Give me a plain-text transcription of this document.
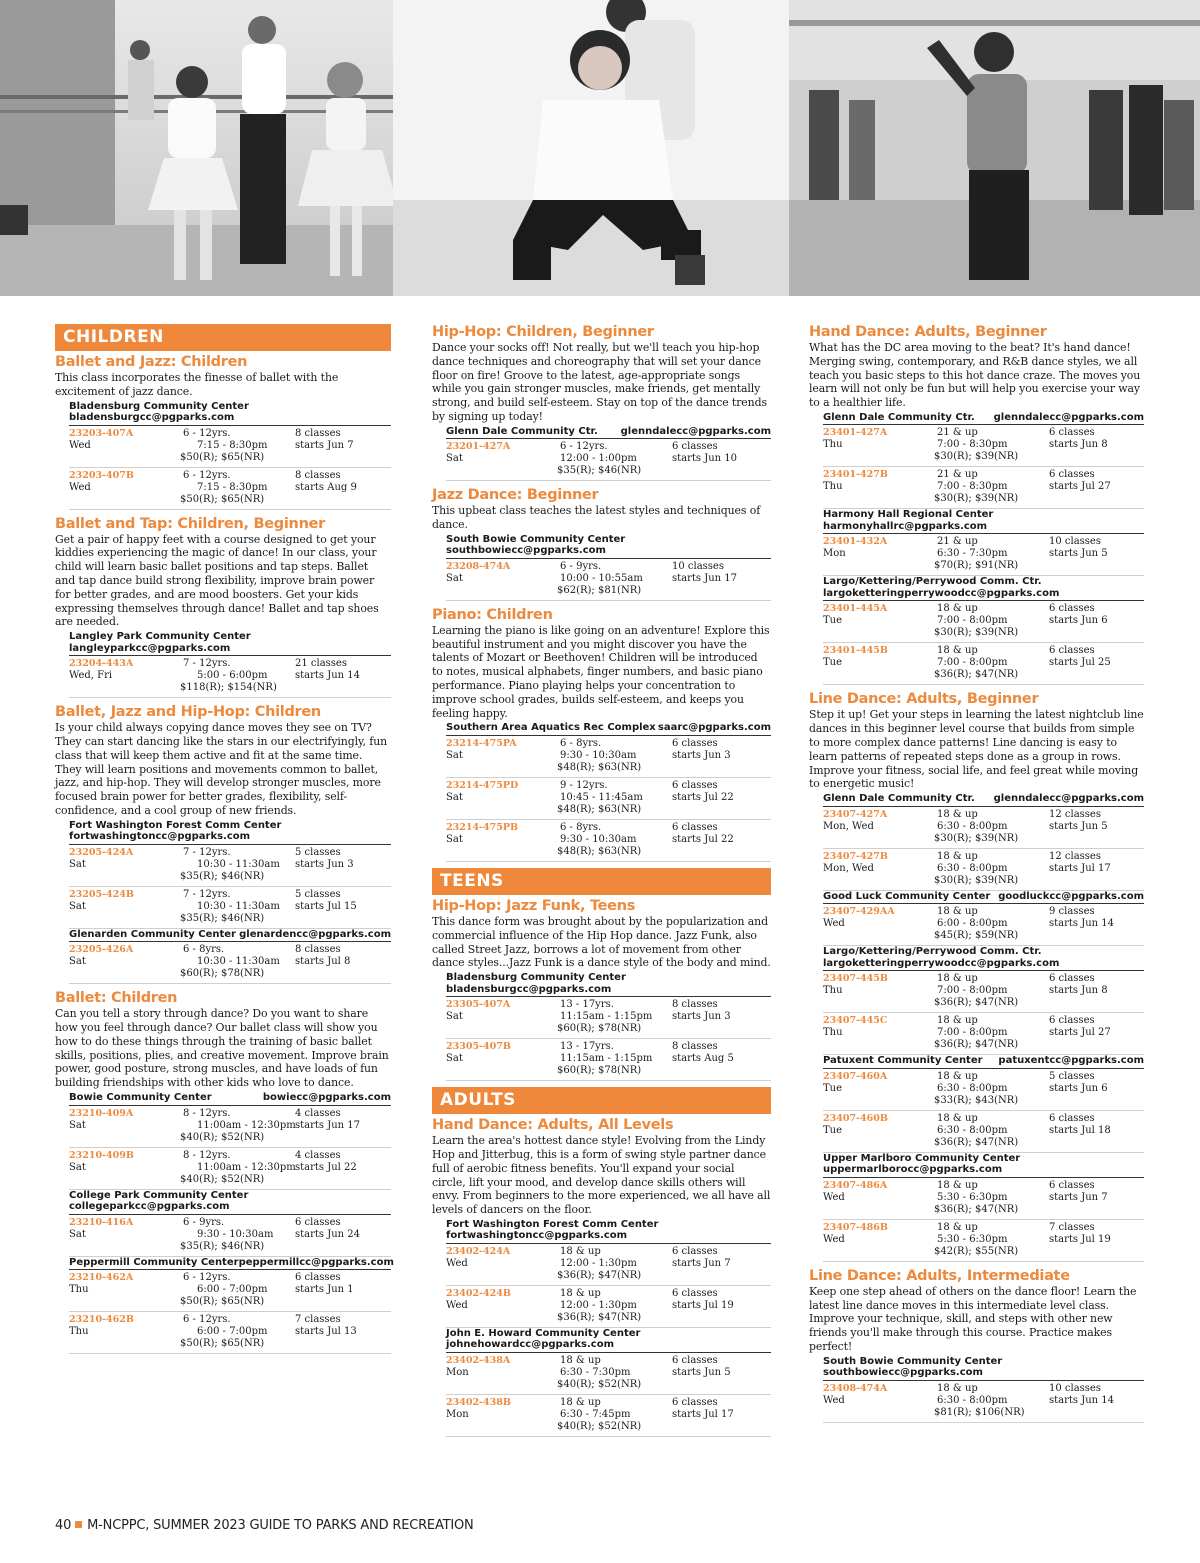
CHILDREN
Ballet and Jazz: Children
This class incorporates the finesse of ballet with the excitement of jazz dance.
Bladensburg Community Center
bladensburgcc@pgparks.com
23203-407A
Wed
6 - 12yrs.
7:15 - 8:30pm
$50(R); $65(NR)
8 classes
starts Jun 7
23203-407B
Wed
6 - 12yrs.
7:15 - 8:30pm
$50(R); $65(NR)
8 classes
starts Aug 9
Ballet and Tap: Children, Beginner
Get a pair of happy feet with a course designed to get your kiddies experiencing the magic of dance! In our class, your child will learn basic ballet positions and tap steps. Ballet and tap dance build strong flexibility, improve brain power for better grades, and are mood boosters. Get your kids expressing themselves through dance! Ballet and tap shoes are needed.
Langley Park Community Center
langleyparkcc@pgparks.com
23204-443A
Wed, Fri
7 - 12yrs.
5:00 - 6:00pm
$118(R); $154(NR)
21 classes
starts Jun 14
Ballet, Jazz and Hip-Hop: Children
Is your child always copying dance moves they see on TV? They can start dancing like the stars in our electrifyingly, fun class that will keep them active and fit at the same time. They will learn positions and movements common to ballet, jazz, and hip-hop. They will develop stronger muscles, more focused brain power for better grades, flexibility, self-confidence, and a cool group of new friends.
Fort Washington Forest Comm Center
fortwashingtoncc@pgparks.com
23205-424A
Sat
7 - 12yrs.
10:30 - 11:30am
$35(R); $46(NR)
5 classes
starts Jun 3
23205-424B
Sat
7 - 12yrs.
10:30 - 11:30am
$35(R); $46(NR)
5 classes
starts Jul 15
Glenarden Community Center glenardencc@pgparks.com
23205-426A
Sat
6 - 8yrs.
10:30 - 11:30am
$60(R); $78(NR)
8 classes
starts Jul 8
Ballet: Children
Can you tell a story through dance? Do you want to share how you feel through dance? Our ballet class will show you how to do these things through the training of basic ballet skills, positions, plies, and creative movement. Improve brain power, good posture, strong muscles, and have loads of fun building friendships with other kids who love to dance.
Bowie Community Center	bowiecc@pgparks.com
23210-409A
Sat
8 - 12yrs.
11:00am - 12:30pm
$40(R); $52(NR)
4 classes
starts Jun 17
23210-409B
Sat
8 - 12yrs.
11:00am - 12:30pm
$40(R); $52(NR)
4 classes
starts Jul 22
College Park Community Center
collegeparkcc@pgparks.com
23210-416A
Sat
6 - 9yrs.
9:30 - 10:30am
$35(R); $46(NR)
6 classes
starts Jun 24
Peppermill Community Center peppermillcc@pgparks.com
23210-462A
Thu
6 - 12yrs.
6:00 - 7:00pm
$50(R); $65(NR)
6 classes
starts Jun 1
23210-462B
Thu
6 - 12yrs.
6:00 - 7:00pm
$50(R); $65(NR)
7 classes
starts Jul 13
Hip-Hop: Children, Beginner
Dance your socks off! Not really, but we'll teach you hip-hop dance techniques and choreography that will set your dance floor on fire! Groove to the latest, age-appropriate songs while you gain stronger muscles, make friends, get mentally strong, and build self-esteem. Stay on top of the dance trends by signing up today!
Glenn Dale Community Ctr. glenndalecc@pgparks.com
23201-427A
Sat
6 - 12yrs.
12:00 - 1:00pm
$35(R); $46(NR)
6 classes
starts Jun 10
Jazz Dance: Beginner
This upbeat class teaches the latest styles and techniques of dance.
South Bowie Community Center
southbowiecc@pgparks.com
23208-474A
Sat
6 - 9yrs.
10:00 - 10:55am
$62(R); $81(NR)
10 classes
starts Jun 17
Piano: Children
Learning the piano is like going on an adventure! Explore this beautiful instrument and you might discover you have the talents of Mozart or Beethoven! Children will be introduced to notes, musical alphabets, finger numbers, and basic piano performance. Piano playing helps your concentration to improve school grades, builds self-esteem, and keeps you feeling happy.
Southern Area Aquatics Rec Complex saarc@pgparks.com
23214-475PA
Sat
6 - 8yrs.
9:30 - 10:30am
$48(R); $63(NR)
6 classes
starts Jun 3
23214-475PD
Sat
9 - 12yrs.
10:45 - 11:45am
$48(R); $63(NR)
6 classes
starts Jul 22
23214-475PB
Sat
6 - 8yrs.
9:30 - 10:30am
$48(R); $63(NR)
6 classes
starts Jul 22
TEENS
Hip-Hop: Jazz Funk, Teens
This dance form was brought about by the popularization and commercial influence of the Hip Hop dance. Jazz Funk, also called Street Jazz, borrows a lot of movement from other dance styles...Jazz Funk is a dance style of the body and mind.
Bladensburg Community Center
bladensburgcc@pgparks.com
23305-407A
Sat
13 - 17yrs.
11:15am - 1:15pm
$60(R); $78(NR)
8 classes
starts Jun 3
23305-407B
Sat
13 - 17yrs.
11:15am - 1:15pm
$60(R); $78(NR)
8 classes
starts Aug 5
ADULTS
Hand Dance: Adults, All Levels
Learn the area's hottest dance style! Evolving from the Lindy Hop and Jitterbug, this is a form of swing style partner dance full of aerobic fitness benefits. You'll expand your social circle, lift your mood, and develop dance skills others will envy. From beginners to the more experienced, we all have all levels of dancers on the floor.
Fort Washington Forest Comm Center
fortwashingtoncc@pgparks.com
23402-424A
Wed
18 & up
12:00 - 1:30pm
$36(R); $47(NR)
6 classes
starts Jun 7
23402-424B
Wed
18 & up
12:00 - 1:30pm
$36(R); $47(NR)
6 classes
starts Jul 19
John E. Howard Community Center
johnehowardcc@pgparks.com
23402-438A
Mon
18 & up
6:30 - 7:30pm
$40(R); $52(NR)
6 classes
starts Jun 5
23402-438B
Mon
18 & up
6:30 - 7:45pm
$40(R); $52(NR)
6 classes
starts Jul 17
Hand Dance: Adults, Beginner
What has the DC area moving to the beat? It's hand dance! Merging swing, contemporary, and R&B dance styles, we all teach you basic steps to this hot dance craze. The moves you learn will not only be fun but will help you exercise your way to a healthier life.
Glenn Dale Community Ctr. glenndalecc@pgparks.com
23401-427A
Thu
21 & up
7:00 - 8:30pm
$30(R); $39(NR)
6 classes
starts Jun 8
23401-427B
Thu
21 & up
7:00 - 8:30pm
$30(R); $39(NR)
6 classes
starts Jul 27
Harmony Hall Regional Center
harmonyhallrc@pgparks.com
23401-432A
Mon
21 & up
6:30 - 7:30pm
$70(R); $91(NR)
10 classes
starts Jun 5
Largo/Kettering/Perrywood Comm. Ctr.
largoketteringperrywoodcc@pgparks.com
23401-445A
Tue
18 & up
7:00 - 8:00pm
$30(R); $39(NR)
6 classes
starts Jun 6
23401-445B
Tue
18 & up
7:00 - 8:00pm
$36(R); $47(NR)
6 classes
starts Jul 25
Line Dance: Adults, Beginner
Step it up! Get your steps in learning the latest nightclub line dances in this beginner level course that builds from simple to more complex dance patterns! Line dancing is easy to learn patterns of repeated steps done as a group in rows. Improve your fitness, social life, and feel great while moving to energetic music!
Glenn Dale Community Ctr. glenndalecc@pgparks.com
23407-427A
Mon, Wed
18 & up
6:30 - 8:00pm
$30(R); $39(NR)
12 classes
starts Jun 5
23407-427B
Mon, Wed
18 & up
6:30 - 8:00pm
$30(R); $39(NR)
12 classes
starts Jul 17
Good Luck Community Center goodluckcc@pgparks.com
23407-429AA
Wed
18 & up
6:00 - 8:00pm
$45(R); $59(NR)
9 classes
starts Jun 14
Largo/Kettering/Perrywood Comm. Ctr.
largoketteringperrywoodcc@pgparks.com
23407-445B
Thu
18 & up
7:00 - 8:00pm
$36(R); $47(NR)
6 classes
starts Jun 8
23407-445C
Thu
18 & up
7:00 - 8:00pm
$36(R); $47(NR)
6 classes
starts Jul 27
Patuxent Community Center patuxentcc@pgparks.com
23407-460A
Tue
18 & up
6:30 - 8:00pm
$33(R); $43(NR)
5 classes
starts Jun 6
23407-460B
Tue
18 & up
6:30 - 8:00pm
$36(R); $47(NR)
6 classes
starts Jul 18
Upper Marlboro Community Center
uppermarlborocc@pgparks.com
23407-486A
Wed
18 & up
5:30 - 6:30pm
$36(R); $47(NR)
6 classes
starts Jun 7
23407-486B
Wed
18 & up
5:30 - 6:30pm
$42(R); $55(NR)
7 classes
starts Jul 19
Line Dance: Adults, Intermediate
Keep one step ahead of others on the dance floor! Learn the latest line dance moves in this intermediate level class. Improve your technique, skill, and steps with other new friends you'll make through this course. Practice makes perfect!
South Bowie Community Center
southbowiecc@pgparks.com
23408-474A
Wed
18 & up
6:30 - 8:00pm
$81(R); $106(NR)
10 classes
starts Jun 14
40 M-NCPPC, SUMMER 2023 GUIDE TO PARKS AND RECREATION
